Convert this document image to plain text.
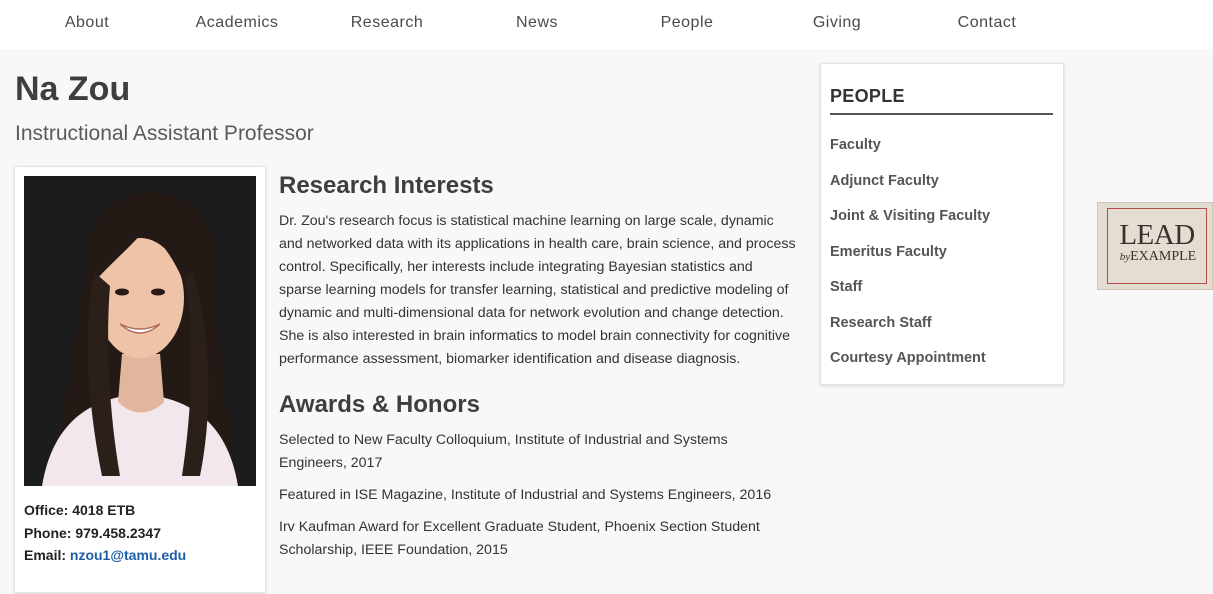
About	Academics	Research	News	People	Giving	Contact
Na Zou
Instructional Assistant Professor
Office: 4018 ETB
Phone: 979.458.2347
Email: nzou1@tamu.edu
Research Interests

Dr. Zou's research focus is statistical machine learning on large scale, dynamic and networked data with its applications in health care, brain science, and process control. Specifically, her interests include integrating Bayesian statistics and sparse learning models for transfer learning, statistical and predictive modeling of dynamic and multi-dimensional data for network evolution and change detection. She is also interested in brain informatics to model brain connectivity for cognitive performance assessment, biomarker identification and disease diagnosis.

Awards & Honors

Selected to New Faculty Colloquium, Institute of Industrial and Systems Engineers, 2017

Featured in ISE Magazine, Institute of Industrial and Systems Engineers, 2016

Irv Kaufman Award for Excellent Graduate Student, Phoenix Section Student Scholarship, IEEE Foundation, 2015

PEOPLE
Faculty
Adjunct Faculty
Joint & Visiting Faculty
Emeritus Faculty
Staff
Research Staff
Courtesy Appointment
LEAD
byEXAMPLE
